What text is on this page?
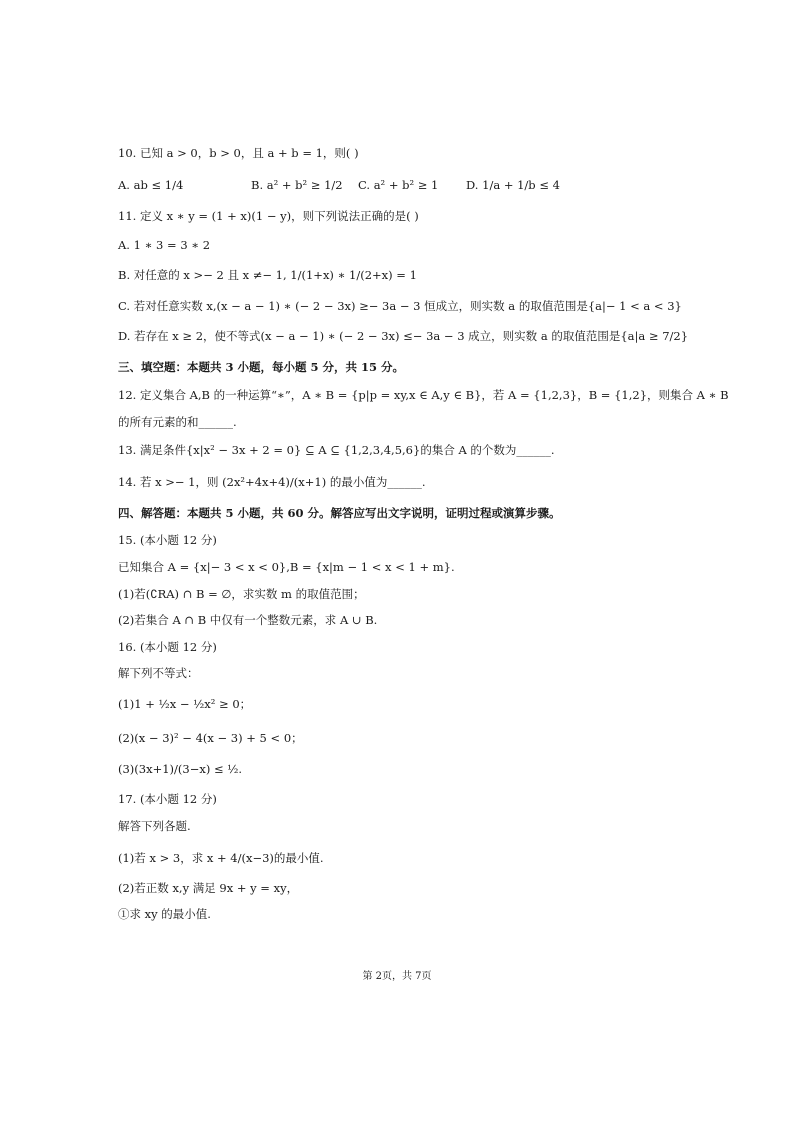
10. 已知 a > 0，b > 0，且 a + b = 1，则( )
A. ab ≤ 1/4	B. a² + b² ≥ 1/2 C. a² + b² ≥ 1 D. 1/a + 1/b ≤ 4
11. 定义 x ∗ y = (1 + x)(1 − y)，则下列说法正确的是( )
A. 1 ∗ 3 = 3 ∗ 2
B. 对任意的 x >− 2 且 x ≠− 1, 1/(1+x) ∗ 1/(2+x) = 1
C. 若对任意实数 x,(x − a − 1) ∗ (− 2 − 3x) ≥− 3a − 3 恒成立，则实数 a 的取值范围是{a|− 1 < a < 3}
D. 若存在 x ≥ 2，使不等式(x − a − 1) ∗ (− 2 − 3x) ≤− 3a − 3 成立，则实数 a 的取值范围是{a|a ≥ 7/2}
三、填空题：本题共 3 小题，每小题 5 分，共 15 分。
12. 定义集合 A,B 的一种运算“∗”，A ∗ B = {p|p = xy,x ∈ A,y ∈ B}，若 A = {1,2,3}，B = {1,2}，则集合 A ∗ B
的所有元素的和______.
13. 满足条件{x|x² − 3x + 2 = 0} ⊆ A ⊆ {1,2,3,4,5,6}的集合 A 的个数为______.
14. 若 x >− 1，则 (2x²+4x+4)/(x+1) 的最小值为______.
四、解答题：本题共 5 小题，共 60 分。解答应写出文字说明，证明过程或演算步骤。
15. (本小题 12 分)
已知集合 A = {x|− 3 < x < 0},B = {x|m − 1 < x < 1 + m}.
(1)若(∁RA) ∩ B = ∅，求实数 m 的取值范围；
(2)若集合 A ∩ B 中仅有一个整数元素，求 A ∪ B.
16. (本小题 12 分)
解下列不等式：
(1)1 + ½x − ½x² ≥ 0；
(2)(x − 3)² − 4(x − 3) + 5 < 0；
(3)(3x+1)/(3−x) ≤ ½.
17. (本小题 12 分)
解答下列各题.
(1)若 x > 3，求 x + 4/(x−3)的最小值.
(2)若正数 x,y 满足 9x + y = xy，
①求 xy 的最小值.
第 2页，共 7页
